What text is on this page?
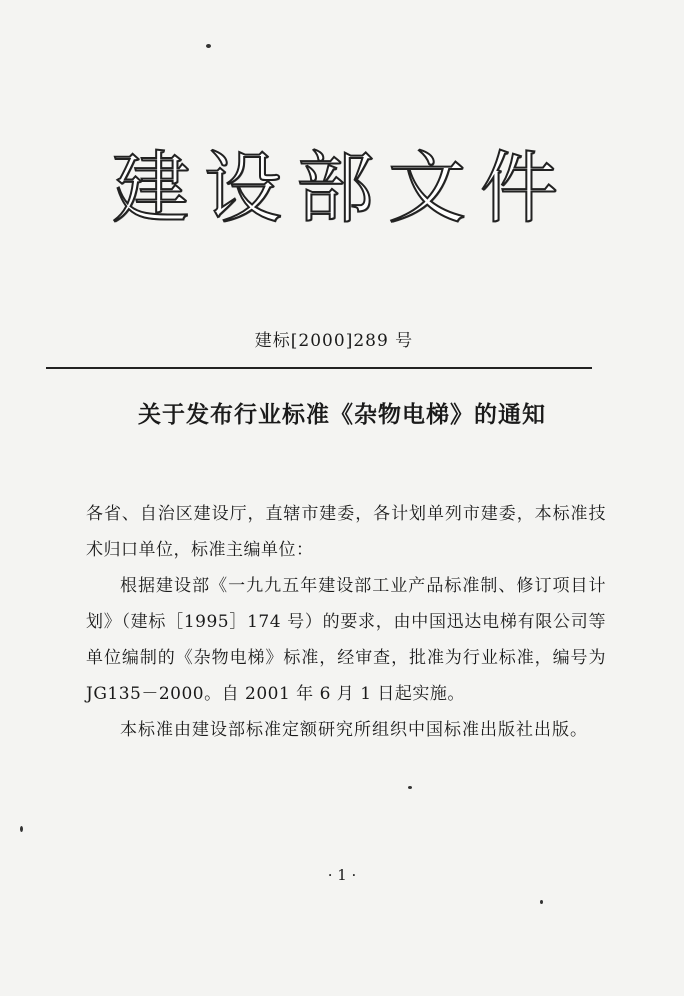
建设部文件
建标[2000]289 号
关于发布行业标准《杂物电梯》的通知

各省、自治区建设厅，直辖市建委，各计划单列市建委，本标准技术归口单位，标准主编单位：

根据建设部《一九九五年建设部工业产品标准制、修订项目计划》（建标［1995］174 号）的要求，由中国迅达电梯有限公司等单位编制的《杂物电梯》标准，经审查，批准为行业标准，编号为 JG135－2000。自 2001 年 6 月 1 日起实施。

本标准由建设部标准定额研究所组织中国标准出版社出版。

· 1 ·
